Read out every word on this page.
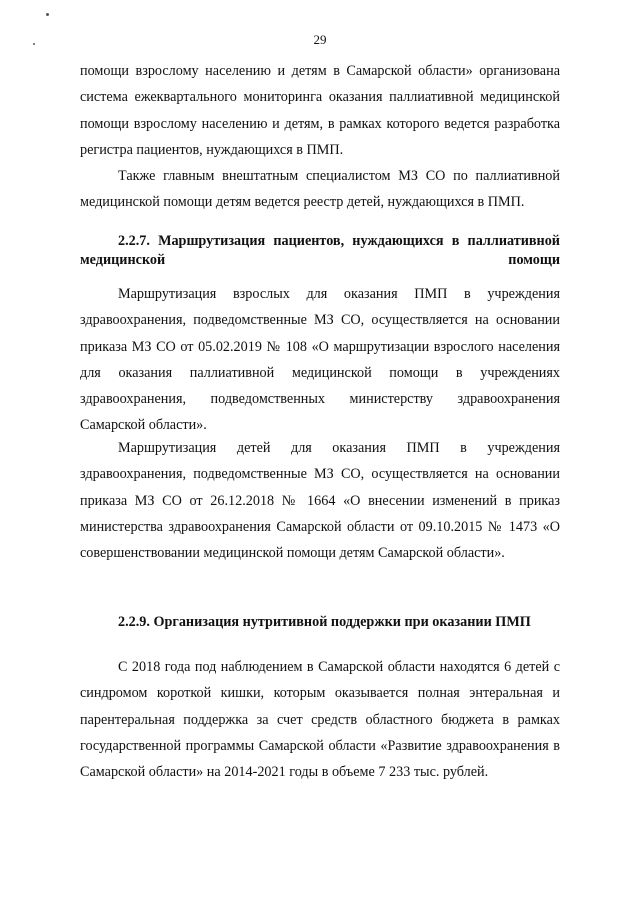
29

помощи взрослому населению и детям в Самарской области» организована система ежеквартального мониторинга оказания паллиативной медицинской помощи взрослому населению и детям, в рамках которого ведется разработка регистра пациентов, нуждающихся в ПМП.

Также главным внештатным специалистом МЗ СО по паллиативной медицинской помощи детям ведется реестр детей, нуждающихся в ПМП.

2.2.7. Маршрутизация пациентов, нуждающихся в паллиативной медицинской помощи

Маршрутизация взрослых для оказания ПМП в учреждения здравоохранения, подведомственные МЗ СО, осуществляется на основании приказа МЗ СО от 05.02.2019 № 108 «О маршрутизации взрослого населения для оказания паллиативной медицинской помощи в учреждениях здравоохранения, подведомственных министерству здравоохранения Самарской области».

Маршрутизация детей для оказания ПМП в учреждения здравоохранения, подведомственные МЗ СО, осуществляется на основании приказа МЗ СО от 26.12.2018 № 1664 «О внесении изменений в приказ министерства здравоохранения Самарской области от 09.10.2015 № 1473 «О совершенствовании медицинской помощи детям Самарской области».

2.2.9. Организация нутритивной поддержки при оказании ПМП

С 2018 года под наблюдением в Самарской области находятся 6 детей с синдромом короткой кишки, которым оказывается полная энтеральная и парентеральная поддержка за счет средств областного бюджета в рамках государственной программы Самарской области «Развитие здравоохранения в Самарской области» на 2014-2021 годы в объеме 7 233 тыс. рублей.
